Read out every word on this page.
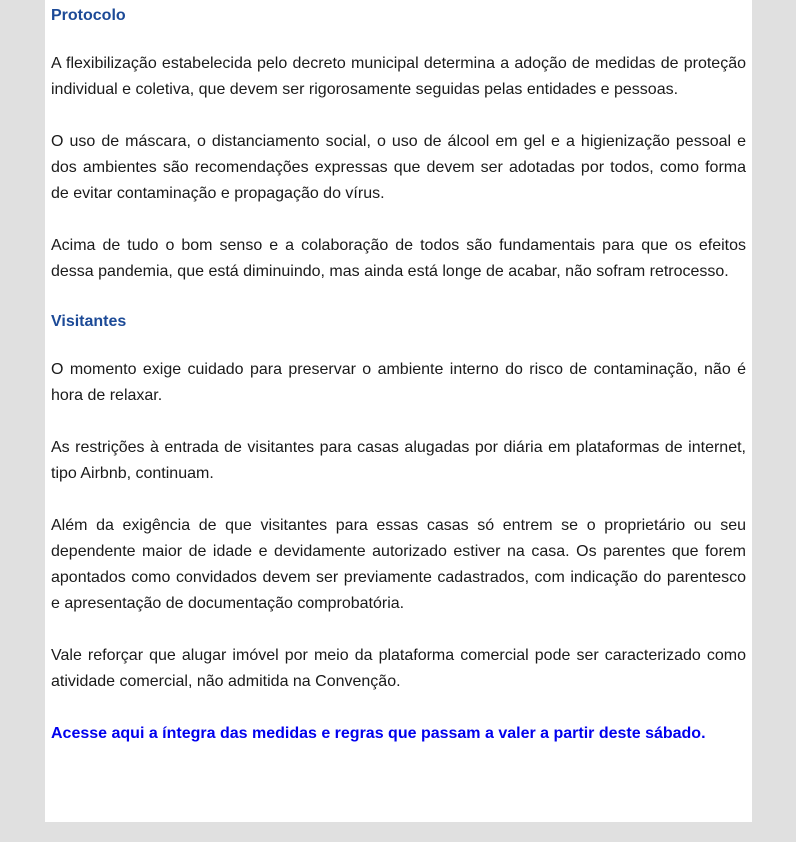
Protocolo

A flexibilização estabelecida pelo decreto municipal determina a adoção de medidas de proteção individual e coletiva, que devem ser rigorosamente seguidas pelas entidades e pessoas.

O uso de máscara, o distanciamento social, o uso de álcool em gel e a higienização pessoal e dos ambientes são recomendações expressas que devem ser adotadas por todos, como forma de evitar contaminação e propagação do vírus.

Acima de tudo o bom senso e a colaboração de todos são fundamentais para que os efeitos dessa pandemia, que está diminuindo, mas ainda está longe de acabar, não sofram retrocesso.

Visitantes

O momento exige cuidado para preservar o ambiente interno do risco de contaminação, não é hora de relaxar.

As restrições à entrada de visitantes para casas alugadas por diária em plataformas de internet, tipo Airbnb, continuam.

Além da exigência de que visitantes para essas casas só entrem se o proprietário ou seu dependente maior de idade e devidamente autorizado estiver na casa. Os parentes que forem apontados como convidados devem ser previamente cadastrados, com indicação do parentesco e apresentação de documentação comprobatória.

Vale reforçar que alugar imóvel por meio da plataforma comercial pode ser caracterizado como atividade comercial, não admitida na Convenção.

Acesse aqui a íntegra das medidas e regras que passam a valer a partir deste sábado.
